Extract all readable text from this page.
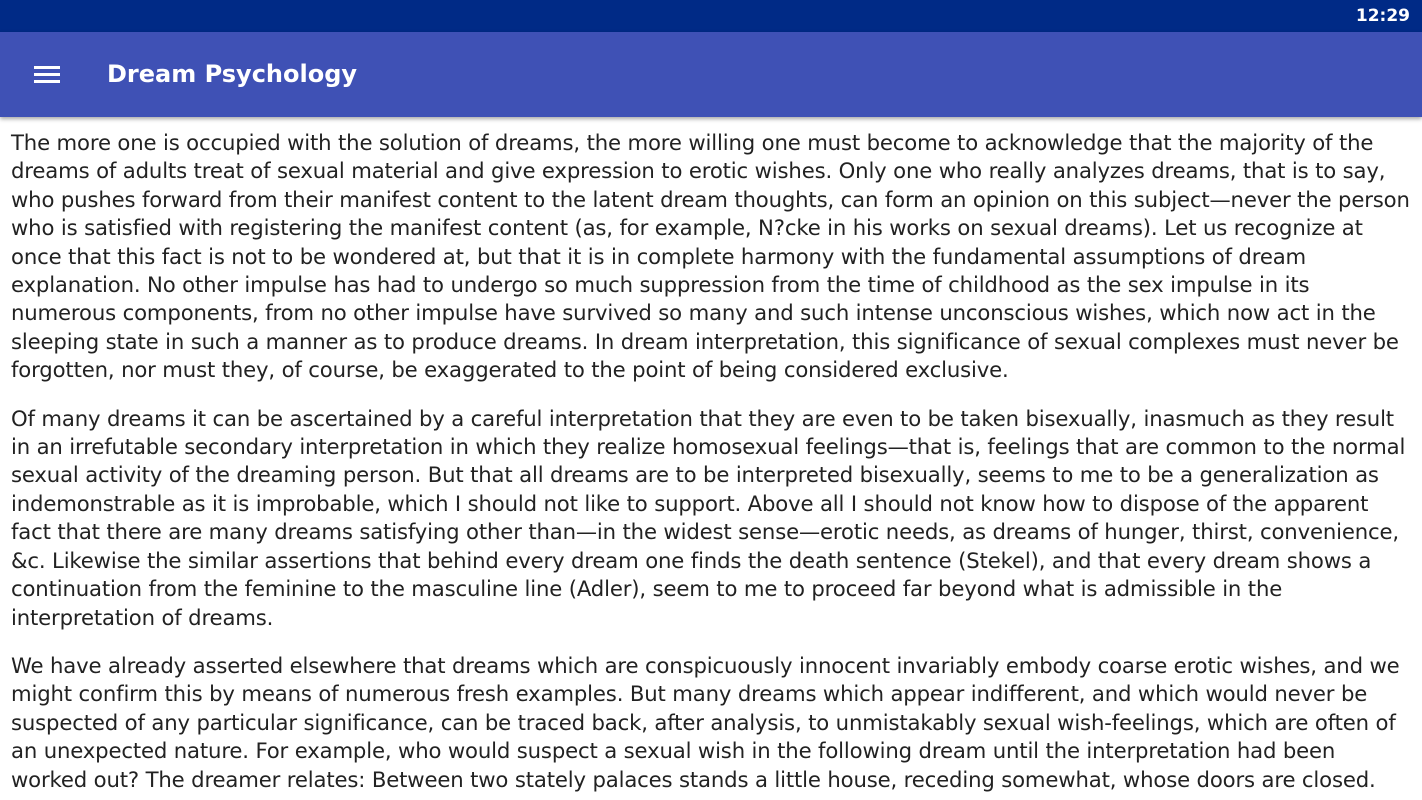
12:29
Dream Psychology

The more one is occupied with the solution of dreams, the more willing one must become to acknowledge that the majority of the dreams of adults treat of sexual material and give expression to erotic wishes. Only one who really analyzes dreams, that is to say, who pushes forward from their manifest content to the latent dream thoughts, can form an opinion on this subject—never the person who is satisfied with registering the manifest content (as, for example, N?cke in his works on sexual dreams). Let us recognize at once that this fact is not to be wondered at, but that it is in complete harmony with the fundamental assumptions of dream explanation. No other impulse has had to undergo so much suppression from the time of childhood as the sex impulse in its numerous components, from no other impulse have survived so many and such intense unconscious wishes, which now act in the sleeping state in such a manner as to produce dreams. In dream interpretation, this significance of sexual complexes must never be forgotten, nor must they, of course, be exaggerated to the point of being considered exclusive.

Of many dreams it can be ascertained by a careful interpretation that they are even to be taken bisexually, inasmuch as they result in an irrefutable secondary interpretation in which they realize homosexual feelings—that is, feelings that are common to the normal sexual activity of the dreaming person. But that all dreams are to be interpreted bisexually, seems to me to be a generalization as indemonstrable as it is improbable, which I should not like to support. Above all I should not know how to dispose of the apparent fact that there are many dreams satisfying other than—in the widest sense—erotic needs, as dreams of hunger, thirst, convenience, &c. Likewise the similar assertions that behind every dream one finds the death sentence (Stekel), and that every dream shows a continuation from the feminine to the masculine line (Adler), seem to me to proceed far beyond what is admissible in the interpretation of dreams.

We have already asserted elsewhere that dreams which are conspicuously innocent invariably embody coarse erotic wishes, and we might confirm this by means of numerous fresh examples. But many dreams which appear indifferent, and which would never be suspected of any particular significance, can be traced back, after analysis, to unmistakably sexual wish-feelings, which are often of an unexpected nature. For example, who would suspect a sexual wish in the following dream until the interpretation had been worked out? The dreamer relates: Between two stately palaces stands a little house, receding somewhat, whose doors are closed.
